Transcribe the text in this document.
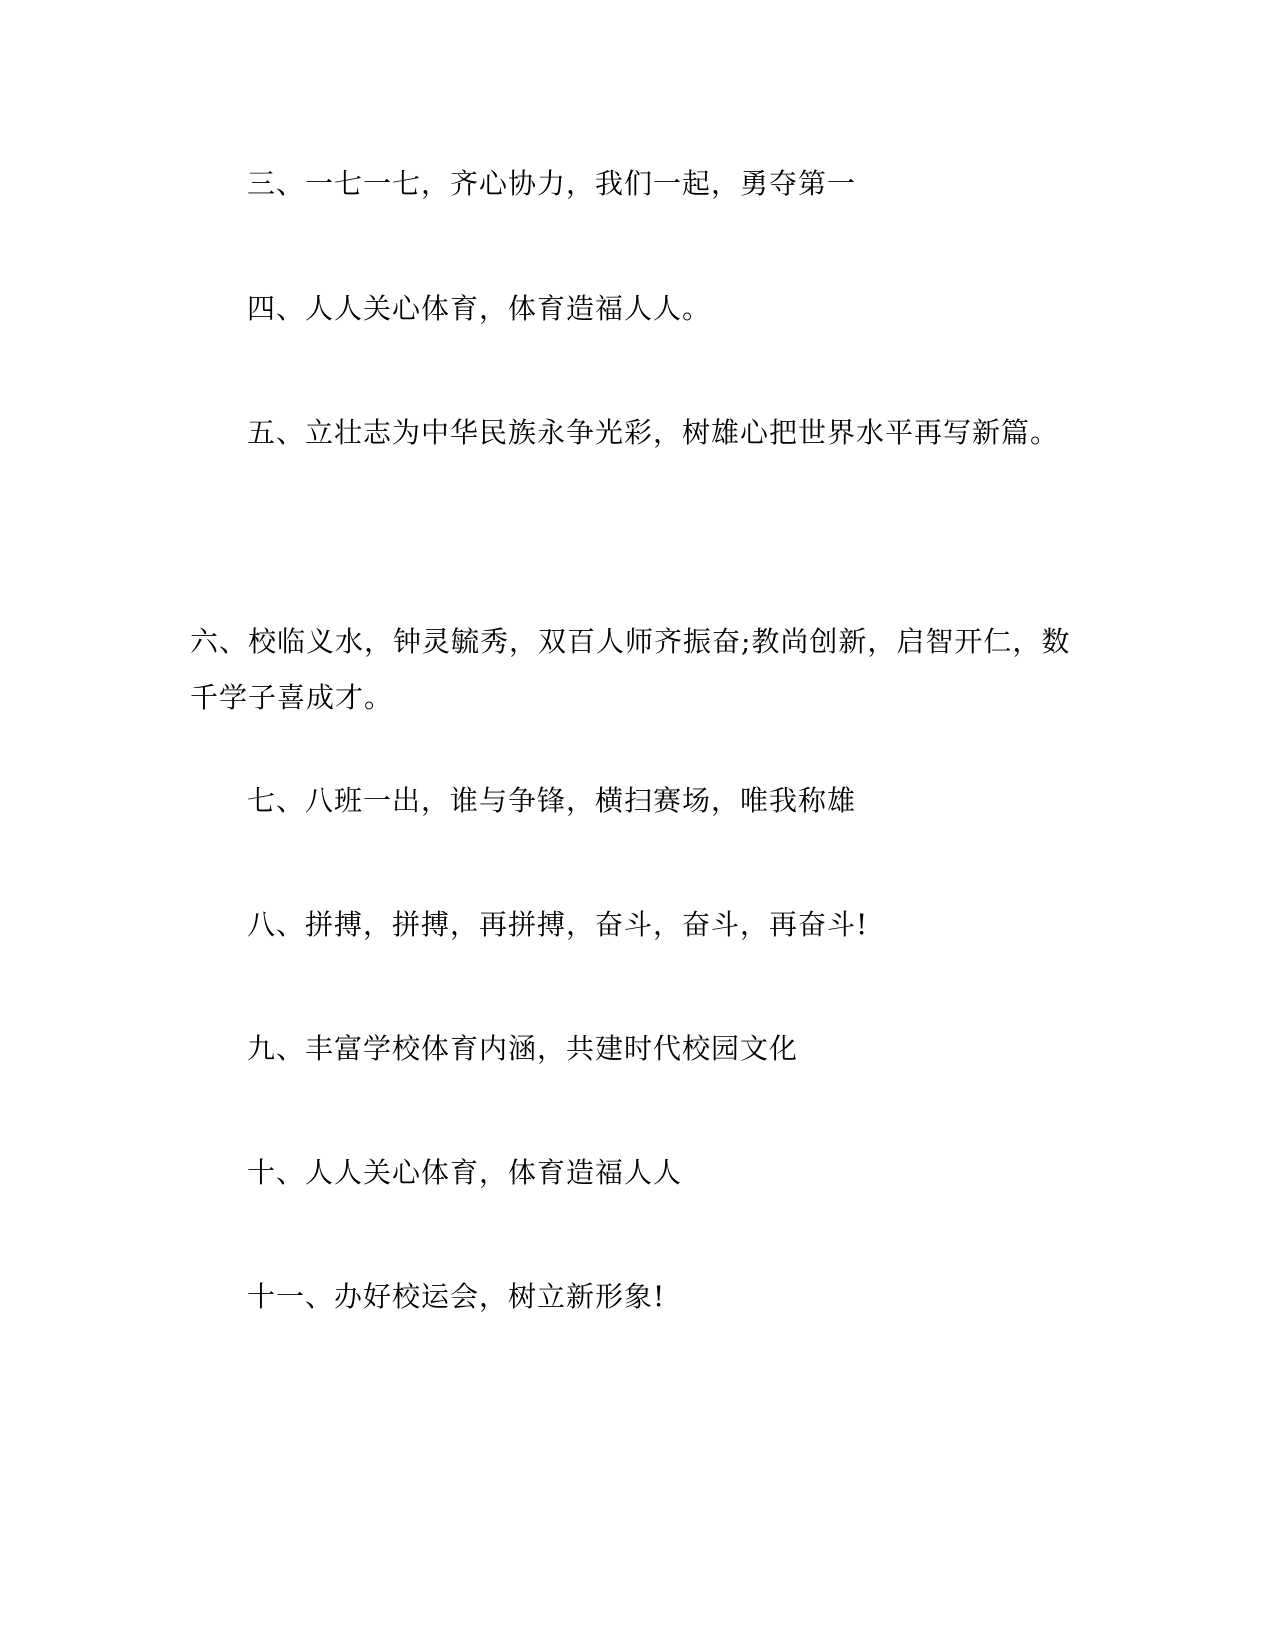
三、一七一七，齐心协力，我们一起，勇夺第一
四、人人关心体育，体育造福人人。
五、立壮志为中华民族永争光彩，树雄心把世界水平再写新篇。
六、校临义水，钟灵毓秀，双百人师齐振奋;教尚创新，启智开仁，数
千学子喜成才。
七、八班一出，谁与争锋，横扫赛场，唯我称雄
八、拼搏，拼搏，再拼搏，奋斗，奋斗，再奋斗!
九、丰富学校体育内涵，共建时代校园文化
十、人人关心体育，体育造福人人
十一、办好校运会，树立新形象!
